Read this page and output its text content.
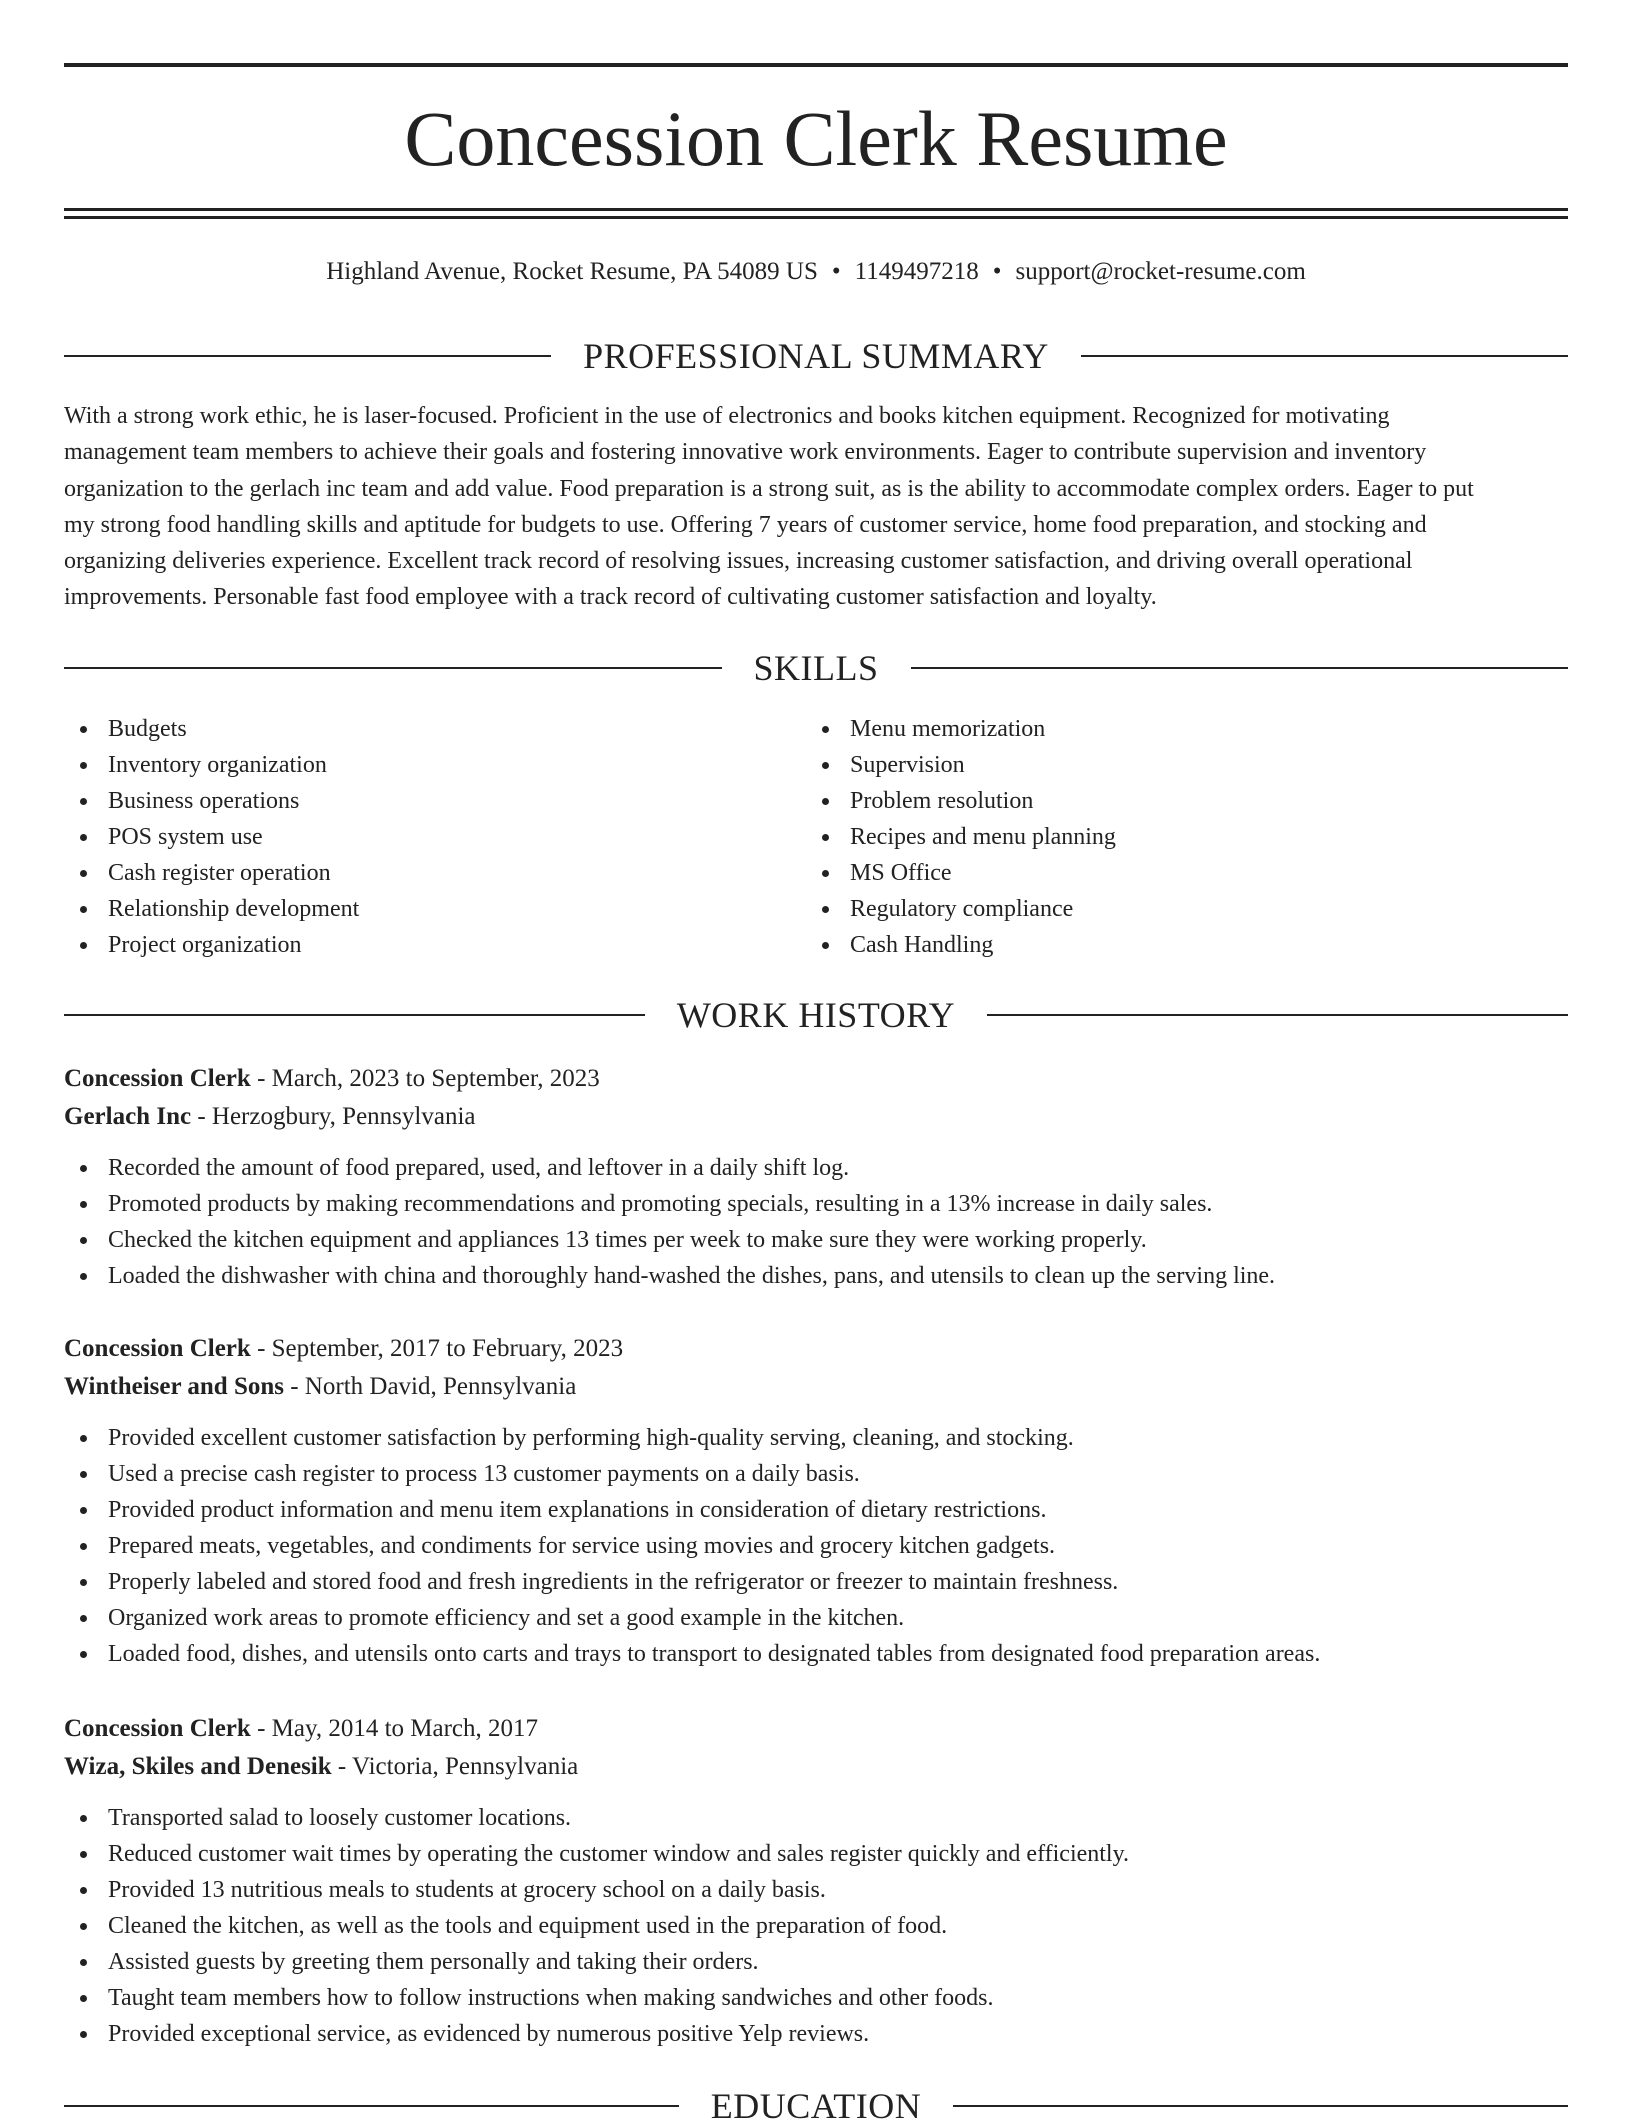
Concession Clerk Resume
Highland Avenue, Rocket Resume, PA 54089 US • 1149497218 • support@rocket-resume.com
PROFESSIONAL SUMMARY
With a strong work ethic, he is laser-focused. Proficient in the use of electronics and books kitchen equipment. Recognized for motivating
management team members to achieve their goals and fostering innovative work environments. Eager to contribute supervision and inventory
organization to the gerlach inc team and add value. Food preparation is a strong suit, as is the ability to accommodate complex orders. Eager to put
my strong food handling skills and aptitude for budgets to use. Offering 7 years of customer service, home food preparation, and stocking and
organizing deliveries experience. Excellent track record of resolving issues, increasing customer satisfaction, and driving overall operational
improvements. Personable fast food employee with a track record of cultivating customer satisfaction and loyalty.
SKILLS
Budgets
Inventory organization
Business operations
POS system use
Cash register operation
Relationship development
Project organization
Menu memorization
Supervision
Problem resolution
Recipes and menu planning
MS Office
Regulatory compliance
Cash Handling
WORK HISTORY
Concession Clerk - March, 2023 to September, 2023
Gerlach Inc - Herzogbury, Pennsylvania
Recorded the amount of food prepared, used, and leftover in a daily shift log.
Promoted products by making recommendations and promoting specials, resulting in a 13% increase in daily sales.
Checked the kitchen equipment and appliances 13 times per week to make sure they were working properly.
Loaded the dishwasher with china and thoroughly hand-washed the dishes, pans, and utensils to clean up the serving line.
Concession Clerk - September, 2017 to February, 2023
Wintheiser and Sons - North David, Pennsylvania
Provided excellent customer satisfaction by performing high-quality serving, cleaning, and stocking.
Used a precise cash register to process 13 customer payments on a daily basis.
Provided product information and menu item explanations in consideration of dietary restrictions.
Prepared meats, vegetables, and condiments for service using movies and grocery kitchen gadgets.
Properly labeled and stored food and fresh ingredients in the refrigerator or freezer to maintain freshness.
Organized work areas to promote efficiency and set a good example in the kitchen.
Loaded food, dishes, and utensils onto carts and trays to transport to designated tables from designated food preparation areas.
Concession Clerk - May, 2014 to March, 2017
Wiza, Skiles and Denesik - Victoria, Pennsylvania
Transported salad to loosely customer locations.
Reduced customer wait times by operating the customer window and sales register quickly and efficiently.
Provided 13 nutritious meals to students at grocery school on a daily basis.
Cleaned the kitchen, as well as the tools and equipment used in the preparation of food.
Assisted guests by greeting them personally and taking their orders.
Taught team members how to follow instructions when making sandwiches and other foods.
Provided exceptional service, as evidenced by numerous positive Yelp reviews.
EDUCATION
